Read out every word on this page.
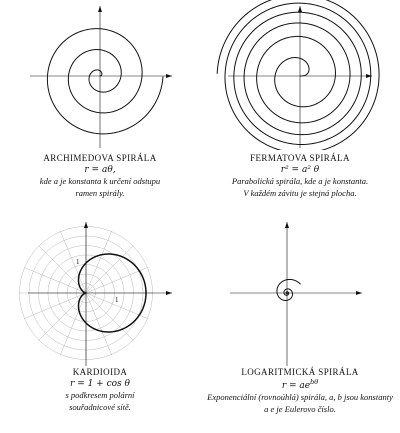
ARCHIMEDOVA SPIRÁLA
r = aθ,
kde a je konstanta k určení odstupu
ramen spirály.
FERMATOVA SPIRÁLA
r² = a² θ
Parabolická spirála, kde a je konstanta.
V každém závitu je stejná plocha.
1
1
KARDIOIDA
r = 1 + cos θ
s podkresem polární
souřadnicové sítě.
LOGARITMICKÁ SPIRÁLA
$r = ae^{b\theta}$
Exponenciální (rovnoúhlá) spirála, a, b jsou konstanty
a e je Eulerovo číslo.
